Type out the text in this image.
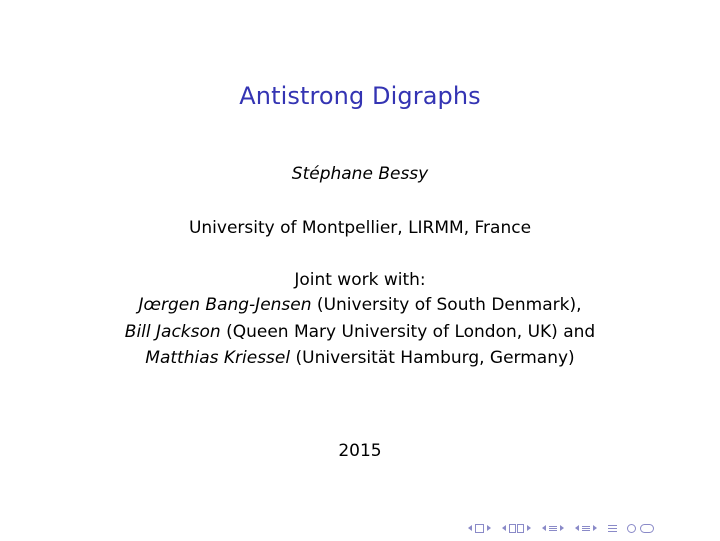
Antistrong Digraphs
Stéphane Bessy
University of Montpellier, LIRMM, France
Joint work with:
Jœrgen Bang-Jensen (University of South Denmark),
Bill Jackson (Queen Mary University of London, UK) and
Matthias Kriessel (Universität Hamburg, Germany)
2015
